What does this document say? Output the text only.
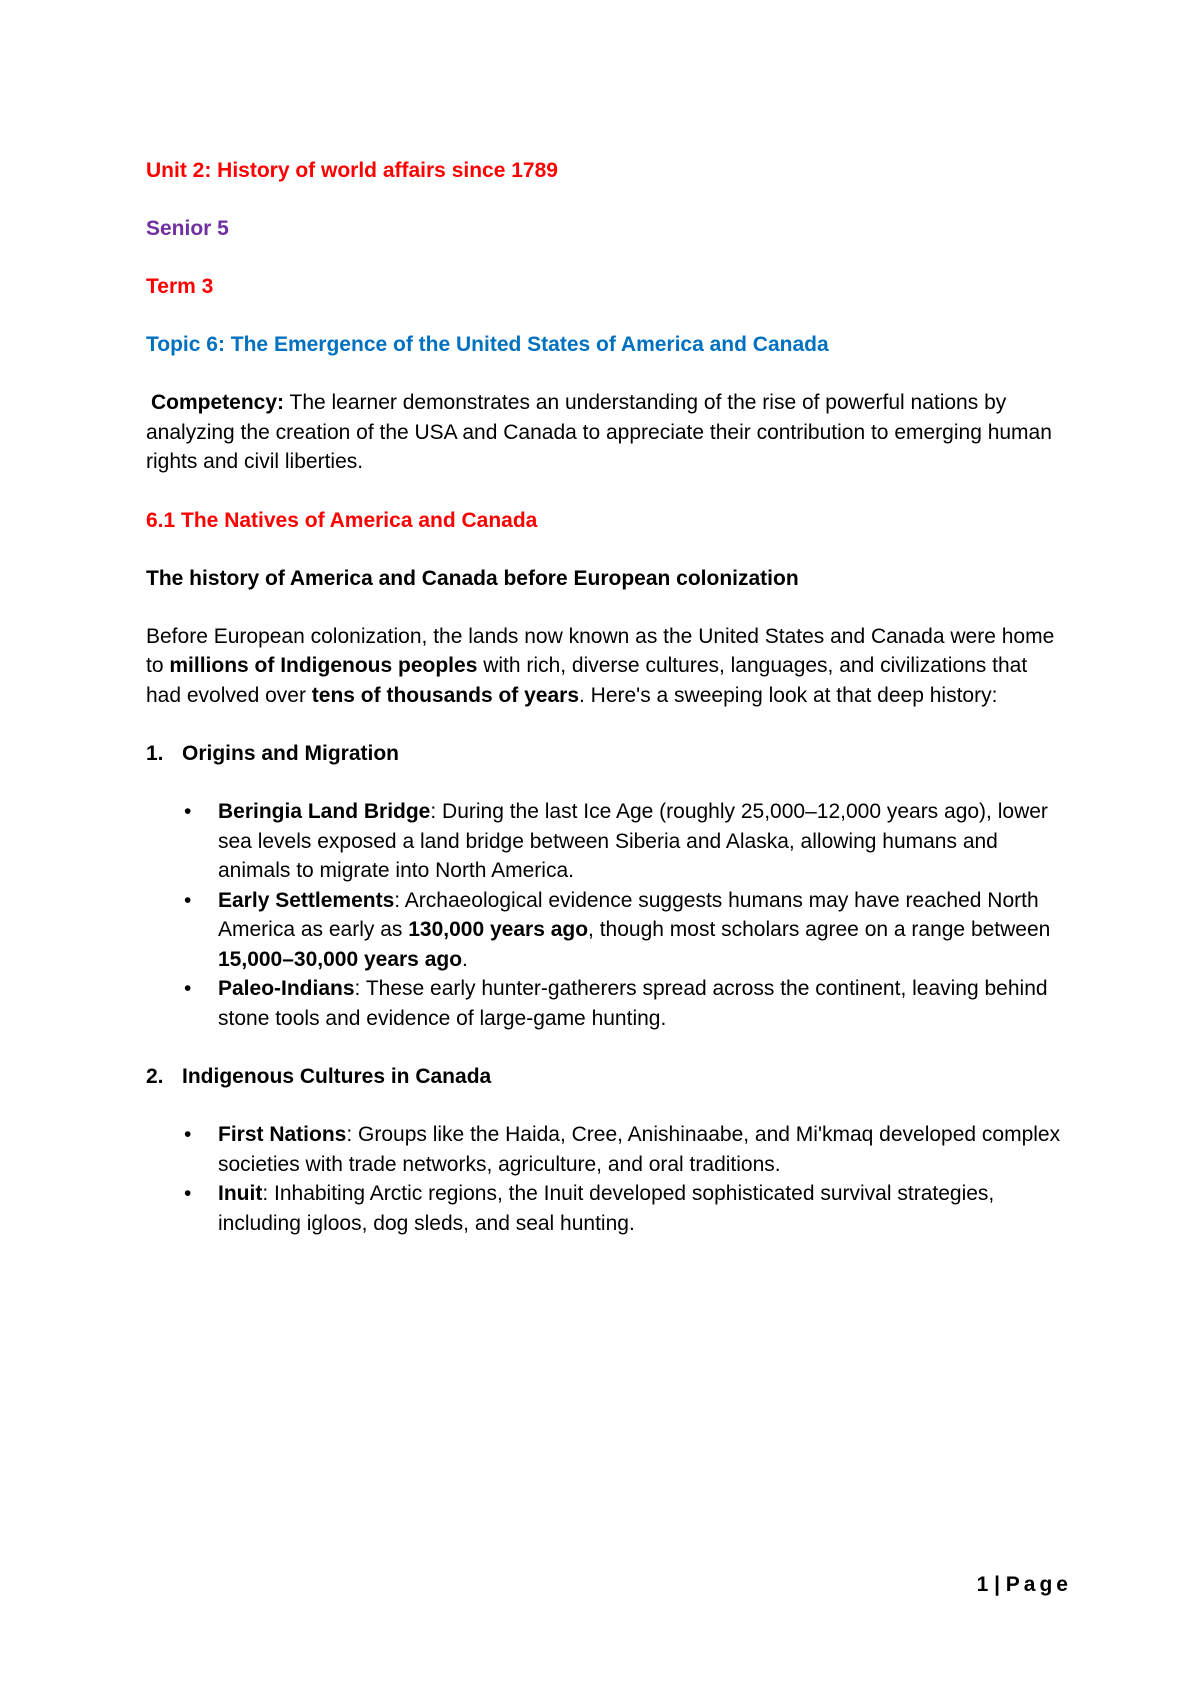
Unit 2: History of world affairs since 1789
Senior 5
Term 3
Topic 6: The Emergence of the United States of America and Canada

Competency: The learner demonstrates an understanding of the rise of powerful nations by analyzing the creation of the USA and Canada to appreciate their contribution to emerging human rights and civil liberties.

6.1 The Natives of America and Canada
The history of America and Canada before European colonization

Before European colonization, the lands now known as the United States and Canada were home to millions of Indigenous peoples with rich, diverse cultures, languages, and civilizations that had evolved over tens of thousands of years. Here's a sweeping look at that deep history:

1. Origins and Migration
• Beringia Land Bridge: During the last Ice Age (roughly 25,000–12,000 years ago), lower sea levels exposed a land bridge between Siberia and Alaska, allowing humans and animals to migrate into North America.
• Early Settlements: Archaeological evidence suggests humans may have reached North America as early as 130,000 years ago, though most scholars agree on a range between 15,000–30,000 years ago.
• Paleo-Indians: These early hunter-gatherers spread across the continent, leaving behind stone tools and evidence of large-game hunting.
2. Indigenous Cultures in Canada
• First Nations: Groups like the Haida, Cree, Anishinaabe, and Mi'kmaq developed complex societies with trade networks, agriculture, and oral traditions.
• Inuit: Inhabiting Arctic regions, the Inuit developed sophisticated survival strategies, including igloos, dog sleds, and seal hunting.
1 | Page
